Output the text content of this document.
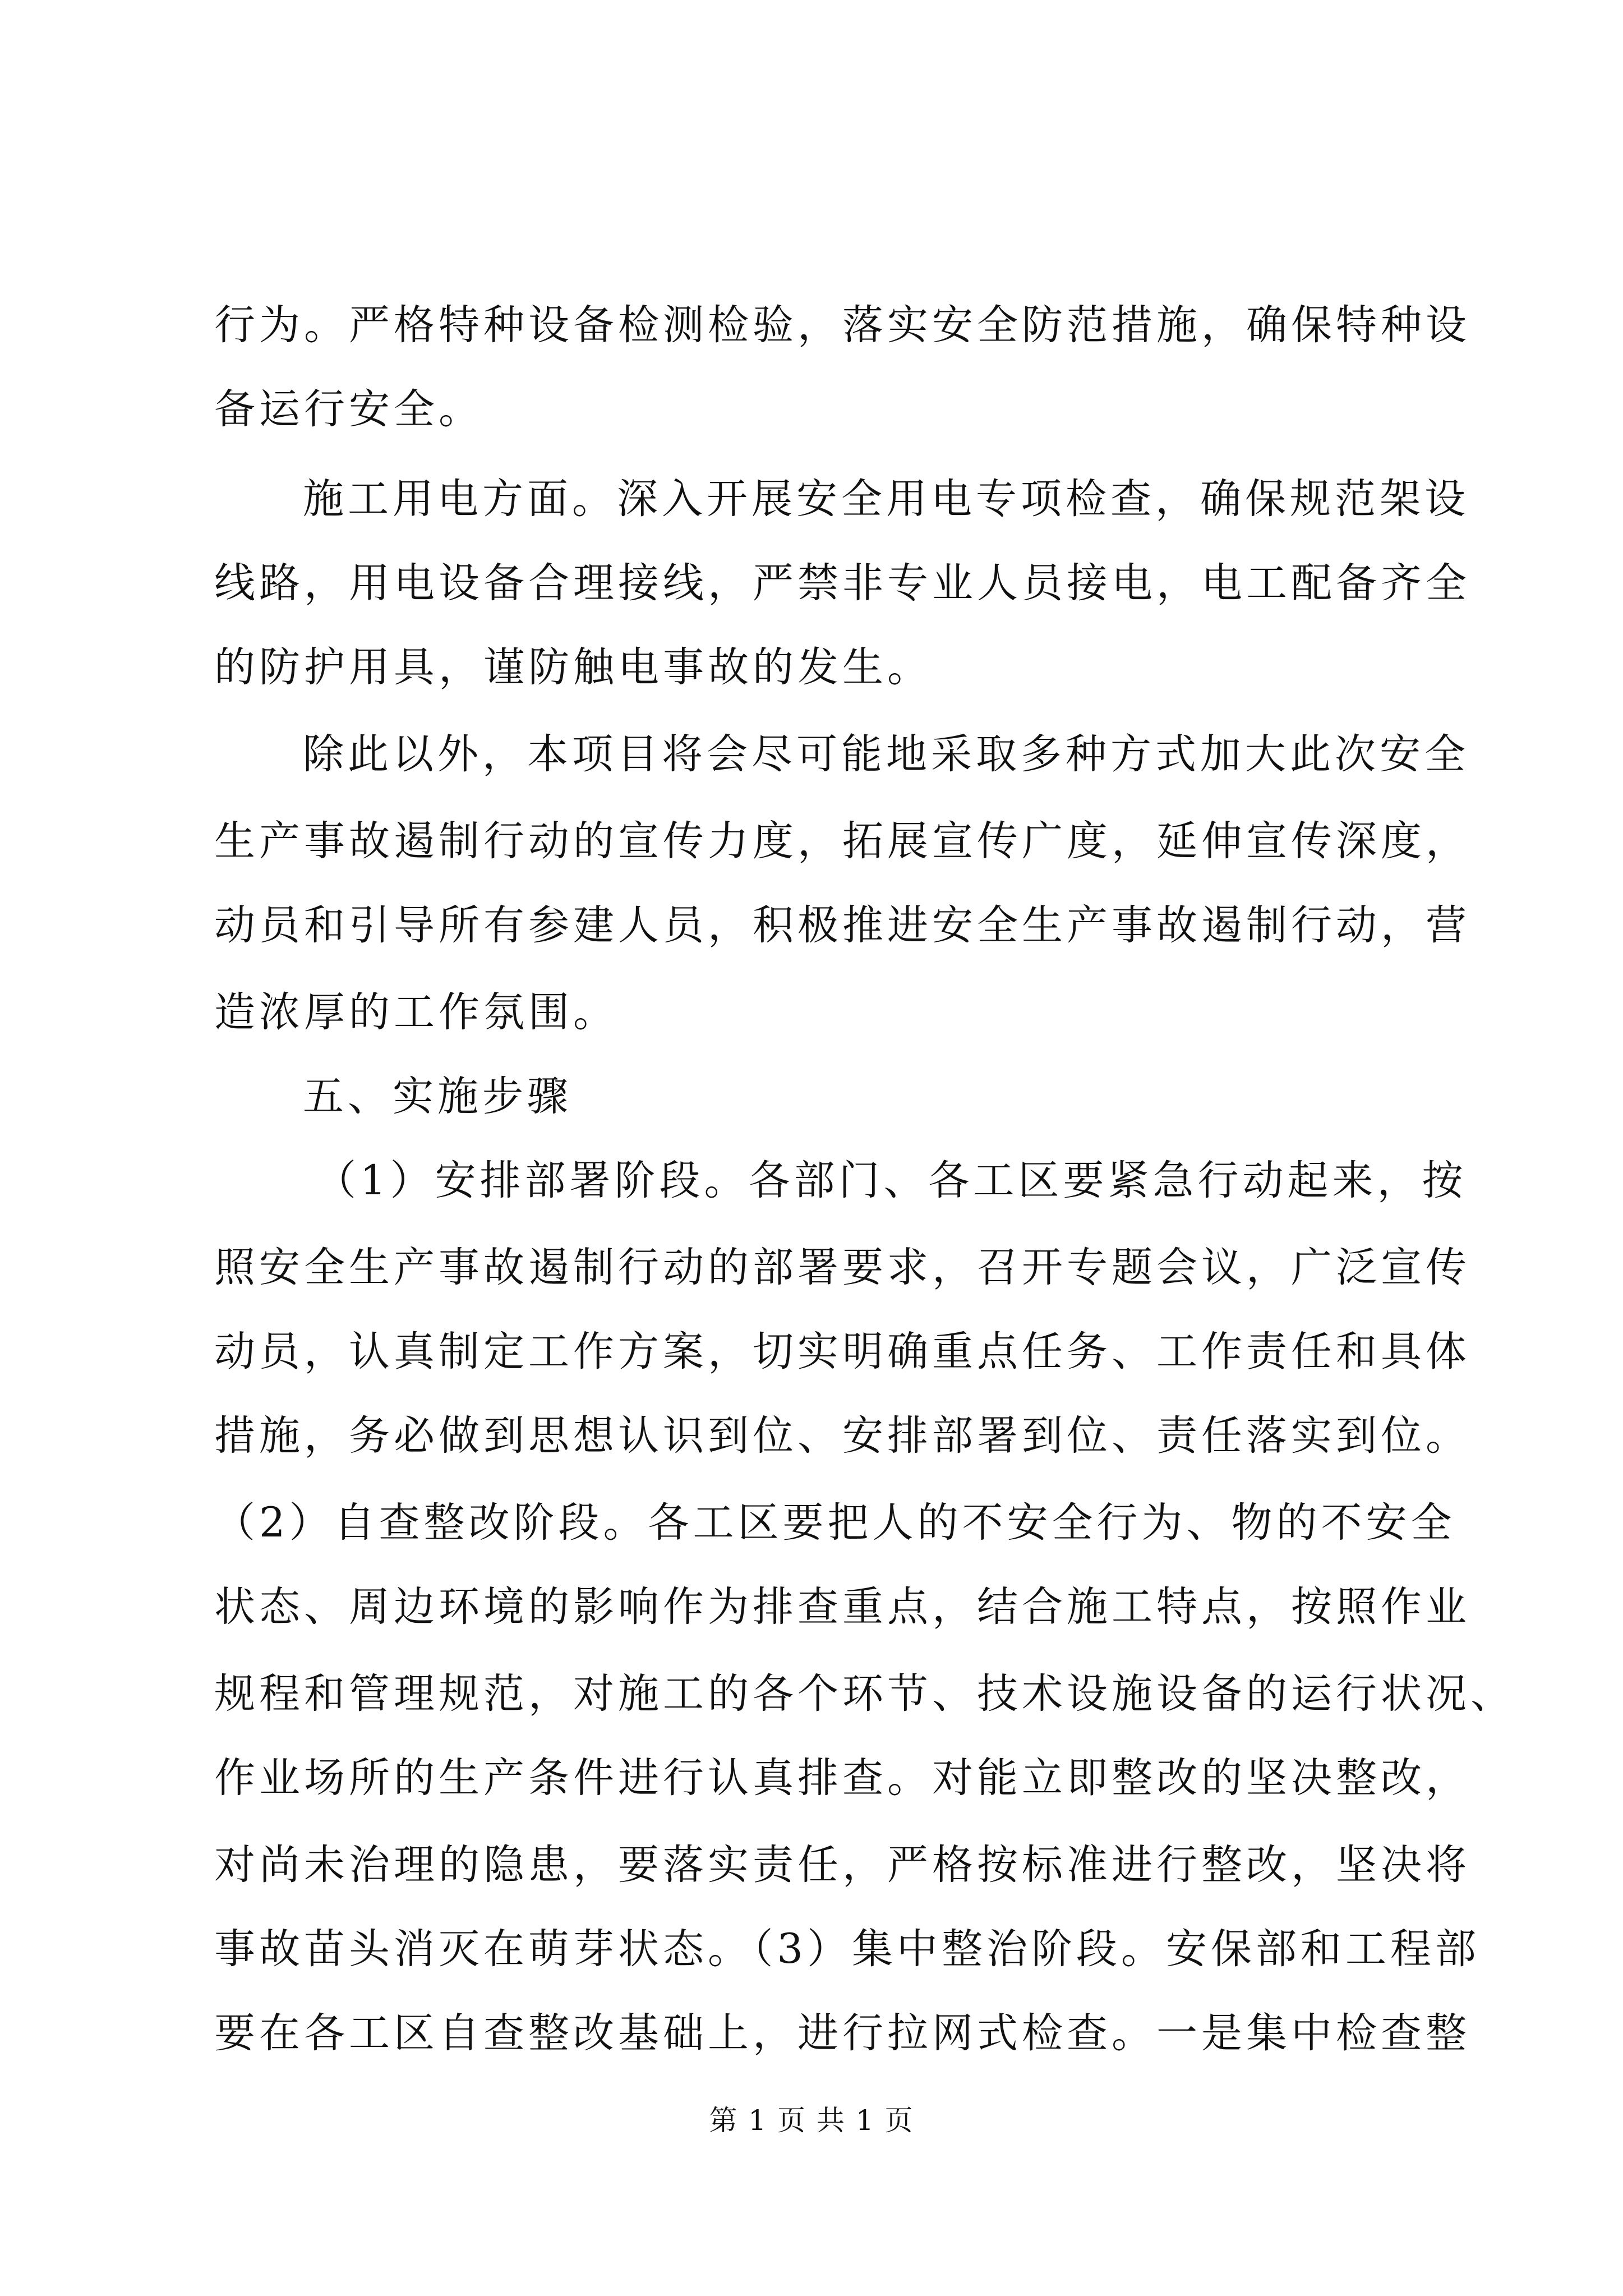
行为。严格特种设备检测检验，落实安全防范措施，确保特种设
备运行安全。
施工用电方面。深入开展安全用电专项检查，确保规范架设
线路，用电设备合理接线，严禁非专业人员接电，电工配备齐全
的防护用具，谨防触电事故的发生。
除此以外，本项目将会尽可能地采取多种方式加大此次安全
生产事故遏制行动的宣传力度，拓展宣传广度，延伸宣传深度，
动员和引导所有参建人员，积极推进安全生产事故遏制行动，营
造浓厚的工作氛围。
五、实施步骤
（1）安排部署阶段。各部门、各工区要紧急行动起来，按
照安全生产事故遏制行动的部署要求，召开专题会议，广泛宣传
动员，认真制定工作方案，切实明确重点任务、工作责任和具体
措施，务必做到思想认识到位、安排部署到位、责任落实到位。
（2）自查整改阶段。各工区要把人的不安全行为、物的不安全
状态、周边环境的影响作为排查重点，结合施工特点，按照作业
规程和管理规范，对施工的各个环节、技术设施设备的运行状况、
作业场所的生产条件进行认真排查。对能立即整改的坚决整改，
对尚未治理的隐患，要落实责任，严格按标准进行整改，坚决将
事故苗头消灭在萌芽状态。（3）集中整治阶段。安保部和工程部
要在各工区自查整改基础上，进行拉网式检查。一是集中检查整
第 1 页 共 1 页
